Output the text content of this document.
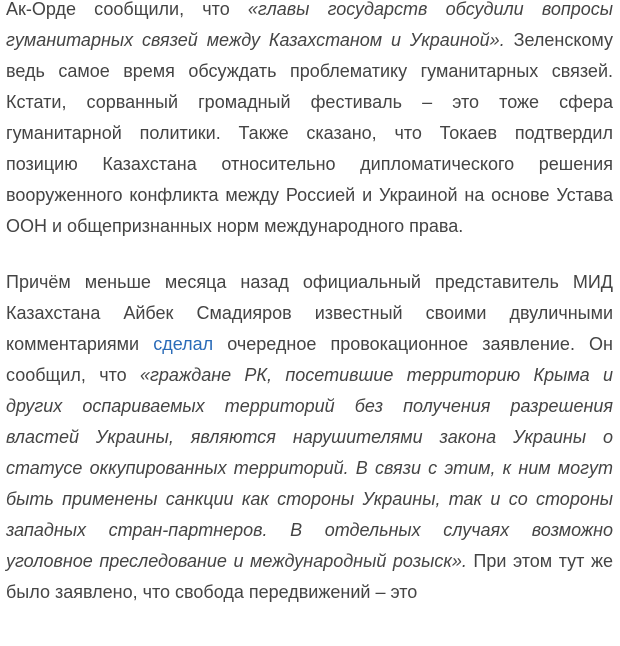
Ак-Орде сообщили, что «главы государств обсудили вопросы гуманитарных связей между Казахстаном и Украиной». Зеленскому ведь самое время обсуждать проблематику гуманитарных связей. Кстати, сорванный громадный фестиваль – это тоже сфера гуманитарной политики. Также сказано, что Токаев подтвердил позицию Казахстана относительно дипломатического решения вооруженного конфликта между Россией и Украиной на основе Устава ООН и общепризнанных норм международного права.

Причём меньше месяца назад официальный представитель МИД Казахстана Айбек Смадияров известный своими двуличными комментариями сделал очередное провокационное заявление. Он сообщил, что «граждане РК, посетившие территорию Крыма и других оспариваемых территорий без получения разрешения властей Украины, являются нарушителями закона Украины о статусе оккупированных территорий. В связи с этим, к ним могут быть применены санкции как стороны Украины, так и со стороны западных стран-партнеров. В отдельных случаях возможно уголовное преследование и международный розыск». При этом тут же было заявлено, что свобода передвижений – это
